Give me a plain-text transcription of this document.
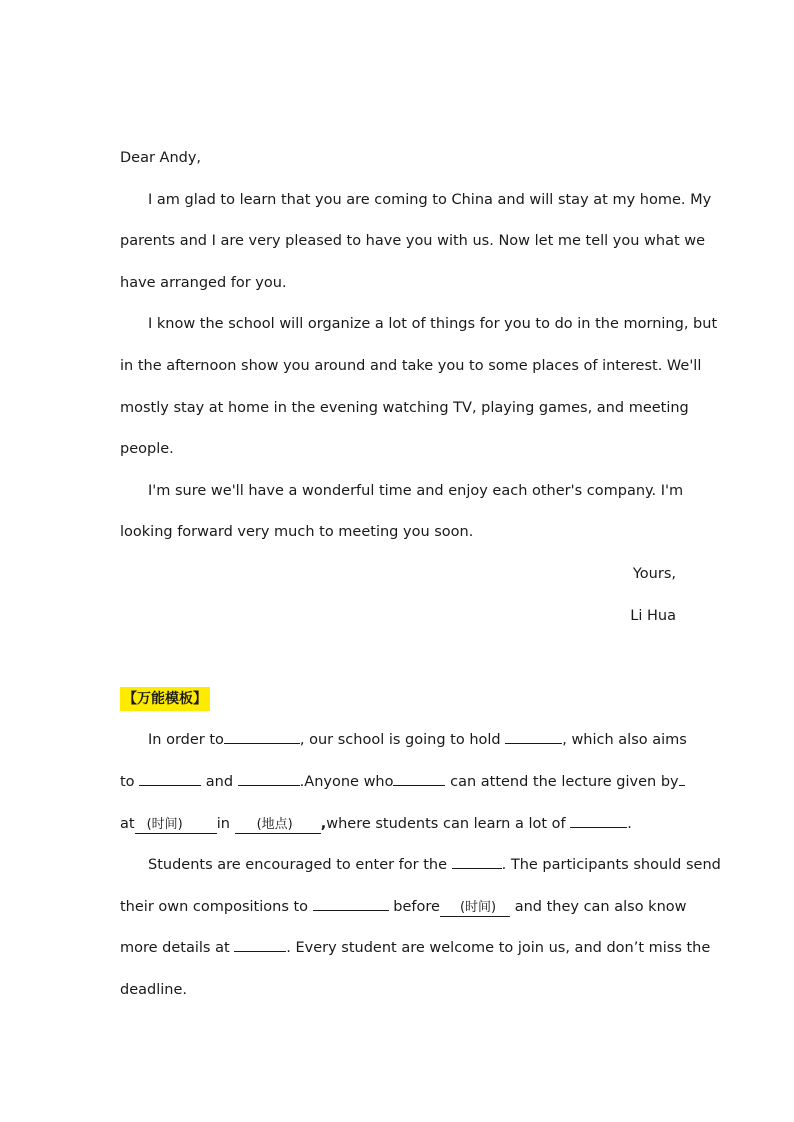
Dear Andy,
I am glad to learn that you are coming to China and will stay at my home. My
parents and I are very pleased to have you with us. Now let me tell you what we
have arranged for you.
I know the school will organize a lot of things for you to do in the morning, but
in the afternoon show you around and take you to some places of interest. We'll
mostly stay at home in the evening watching TV, playing games, and meeting
people.
I'm sure we'll have a wonderful time and enjoy each other's company. I'm
looking forward very much to meeting you soon.
Yours,
Li Hua
【万能模板】
In order to	, our school is going to hold	, which also aims
to	and	.Anyone who	can attend the lecture given by
at (时间) in (地点) ,where students can learn a lot of	.
Students are encouraged to enter for the	. The participants should send
their own compositions to	before (时间) and they can also know
more details at	. Every student are welcome to join us, and don’t miss the
deadline.
